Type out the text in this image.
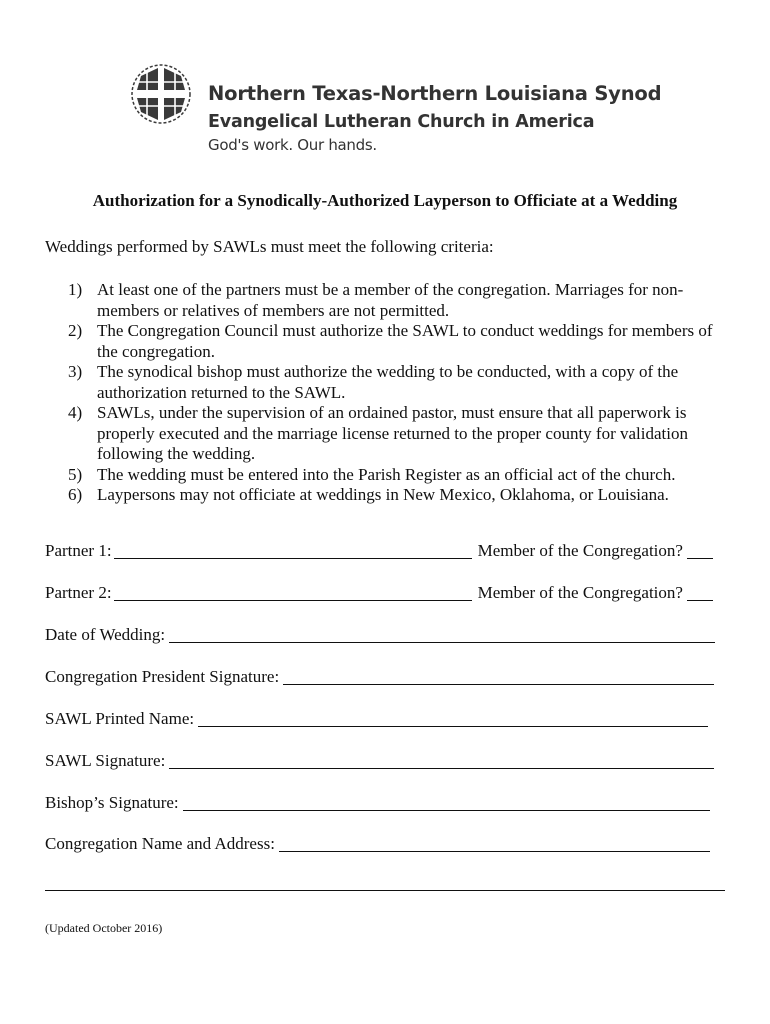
Northern Texas-Northern Louisiana Synod
Evangelical Lutheran Church in America
God's work. Our hands.
Authorization for a Synodically-Authorized Layperson to Officiate at a Wedding
Weddings performed by SAWLs must meet the following criteria:
1) At least one of the partners must be a member of the congregation. Marriages for non-members or relatives of members are not permitted.
2) The Congregation Council must authorize the SAWL to conduct weddings for members of the congregation.
3) The synodical bishop must authorize the wedding to be conducted, with a copy of the authorization returned to the SAWL.
4) SAWLs, under the supervision of an ordained pastor, must ensure that all paperwork is properly executed and the marriage license returned to the proper county for validation following the wedding.
5) The wedding must be entered into the Parish Register as an official act of the church.
6) Laypersons may not officiate at weddings in New Mexico, Oklahoma, or Louisiana.
Partner 1:	Member of the Congregation?
Partner 2:	Member of the Congregation?
Date of Wedding:
Congregation President Signature:
SAWL Printed Name:
SAWL Signature:
Bishop’s Signature:
Congregation Name and Address:
(Updated October 2016)
